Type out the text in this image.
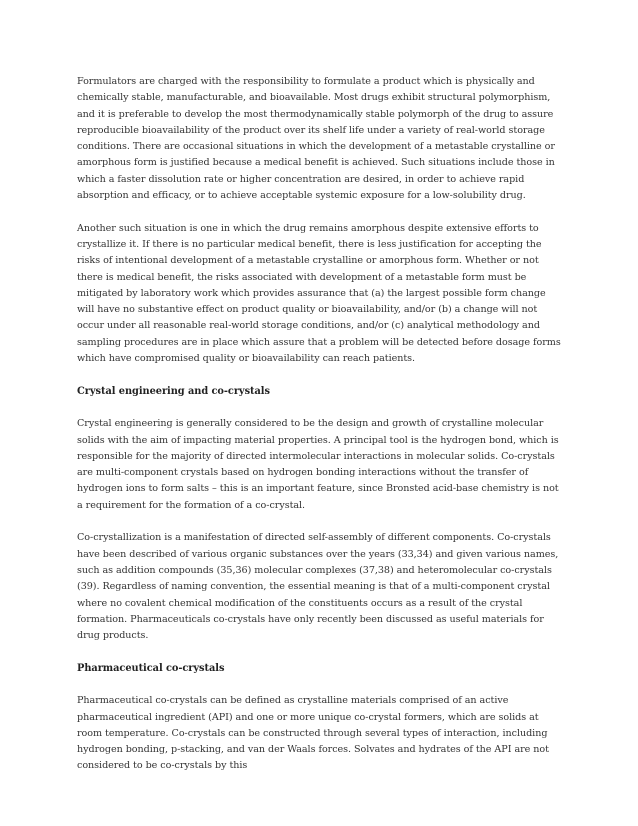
Formulators are charged with the responsibility to formulate a product which is physically and chemically stable, manufacturable, and bioavailable. Most drugs exhibit structural polymorphism, and it is preferable to develop the most thermodynamically stable polymorph of the drug to assure reproducible bioavailability of the product over its shelf life under a variety of real-world storage conditions. There are occasional situations in which the development of a metastable crystalline or amorphous form is justified because a medical benefit is achieved. Such situations include those in which a faster dissolution rate or higher concentration are desired, in order to achieve rapid absorption and efficacy, or to achieve acceptable systemic exposure for a low-solubility drug.

Another such situation is one in which the drug remains amorphous despite extensive efforts to crystallize it. If there is no particular medical benefit, there is less justification for accepting the risks of intentional development of a metastable crystalline or amorphous form. Whether or not there is medical benefit, the risks associated with development of a metastable form must be mitigated by laboratory work which provides assurance that (a) the largest possible form change will have no substantive effect on product quality or bioavailability, and/or (b) a change will not occur under all reasonable real-world storage conditions, and/or (c) analytical methodology and sampling procedures are in place which assure that a problem will be detected before dosage forms which have compromised quality or bioavailability can reach patients.

Crystal engineering and co-crystals

Crystal engineering is generally considered to be the design and growth of crystalline molecular solids with the aim of impacting material properties. A principal tool is the hydrogen bond, which is responsible for the majority of directed intermolecular interactions in molecular solids. Co-crystals are multi-component crystals based on hydrogen bonding interactions without the transfer of hydrogen ions to form salts – this is an important feature, since Bronsted acid-base chemistry is not a requirement for the formation of a co-crystal.

Co-crystallization is a manifestation of directed self-assembly of different components. Co-crystals have been described of various organic substances over the years (33,34) and given various names, such as addition compounds (35,36) molecular complexes (37,38) and heteromolecular co-crystals (39). Regardless of naming convention, the essential meaning is that of a multi-component crystal where no covalent chemical modification of the constituents occurs as a result of the crystal formation. Pharmaceuticals co-crystals have only recently been discussed as useful materials for drug products.

Pharmaceutical co-crystals

Pharmaceutical co-crystals can be defined as crystalline materials comprised of an active pharmaceutical ingredient (API) and one or more unique co-crystal formers, which are solids at room temperature. Co-crystals can be constructed through several types of interaction, including hydrogen bonding, p-stacking, and van der Waals forces. Solvates and hydrates of the API are not considered to be co-crystals by this
